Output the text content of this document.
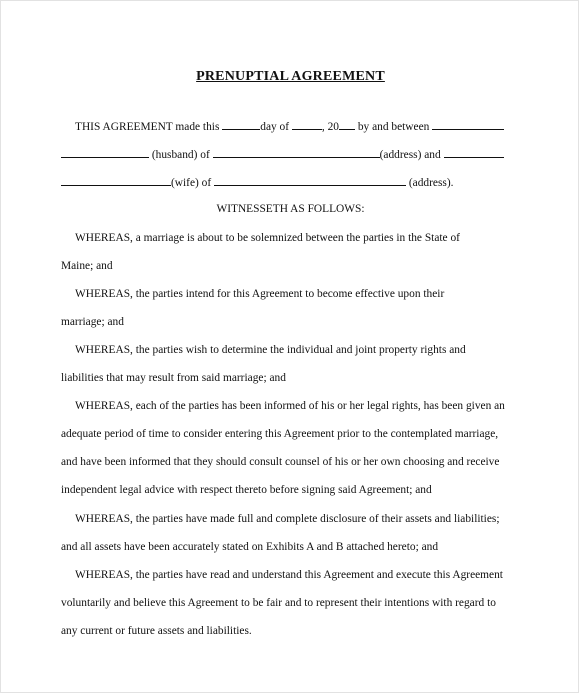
PRENUPTIAL AGREEMENT
THIS AGREEMENT made this	day of	, 20 by and between
(husband) of	(address) and
(wife) of	(address).
WITNESSETH AS FOLLOWS:
WHEREAS, a marriage is about to be solemnized between the parties in the State of
Maine; and
WHEREAS, the parties intend for this Agreement to become effective upon their
marriage; and
WHEREAS, the parties wish to determine the individual and joint property rights and
liabilities that may result from said marriage; and
WHEREAS, each of the parties has been informed of his or her legal rights, has been given an
adequate period of time to consider entering this Agreement prior to the contemplated marriage,
and have been informed that they should consult counsel of his or her own choosing and receive
independent legal advice with respect thereto before signing said Agreement; and
WHEREAS, the parties have made full and complete disclosure of their assets and liabilities;
and all assets have been accurately stated on Exhibits A and B attached hereto; and
WHEREAS, the parties have read and understand this Agreement and execute this Agreement
voluntarily and believe this Agreement to be fair and to represent their intentions with regard to
any current or future assets and liabilities.
